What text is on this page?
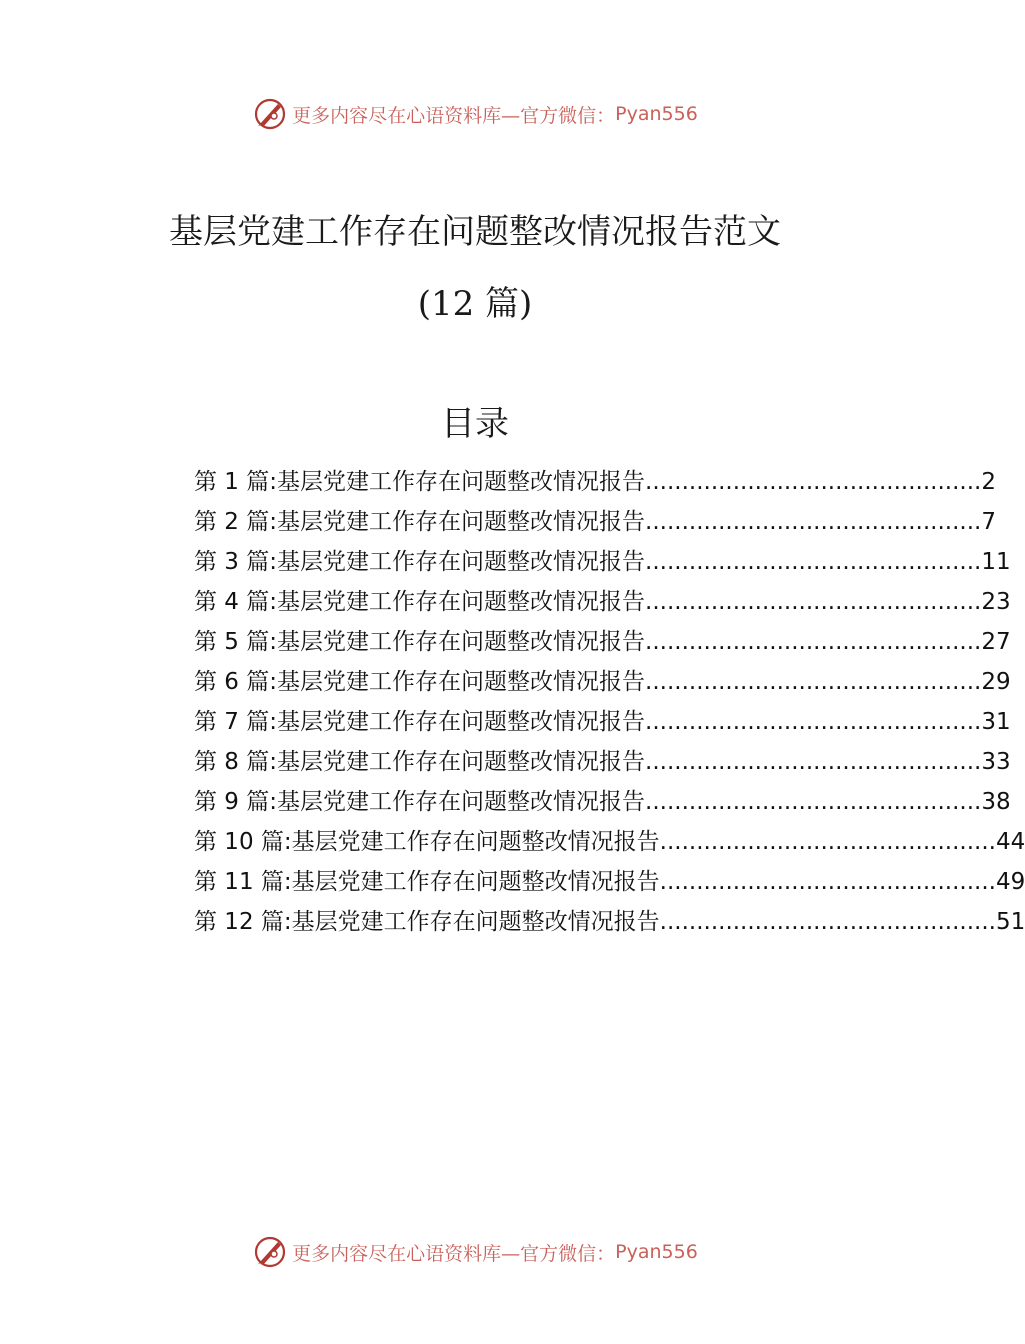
更多内容尽在心语资料库—官方微信： Pyan556
基层党建工作存在问题整改情况报告范文
(12 篇)
目录
第 1 篇:基层党建工作存在问题整改情况报告 .............................................. 2
第 2 篇:基层党建工作存在问题整改情况报告 .............................................. 7
第 3 篇:基层党建工作存在问题整改情况报告 .............................................. 11
第 4 篇:基层党建工作存在问题整改情况报告 .............................................. 23
第 5 篇:基层党建工作存在问题整改情况报告 .............................................. 27
第 6 篇:基层党建工作存在问题整改情况报告 .............................................. 29
第 7 篇:基层党建工作存在问题整改情况报告 .............................................. 31
第 8 篇:基层党建工作存在问题整改情况报告 .............................................. 33
第 9 篇:基层党建工作存在问题整改情况报告 .............................................. 38
第 10 篇:基层党建工作存在问题整改情况报告 .............................................. 44
第 11 篇:基层党建工作存在问题整改情况报告 .............................................. 49
第 12 篇:基层党建工作存在问题整改情况报告 .............................................. 51
更多内容尽在心语资料库—官方微信： Pyan556
